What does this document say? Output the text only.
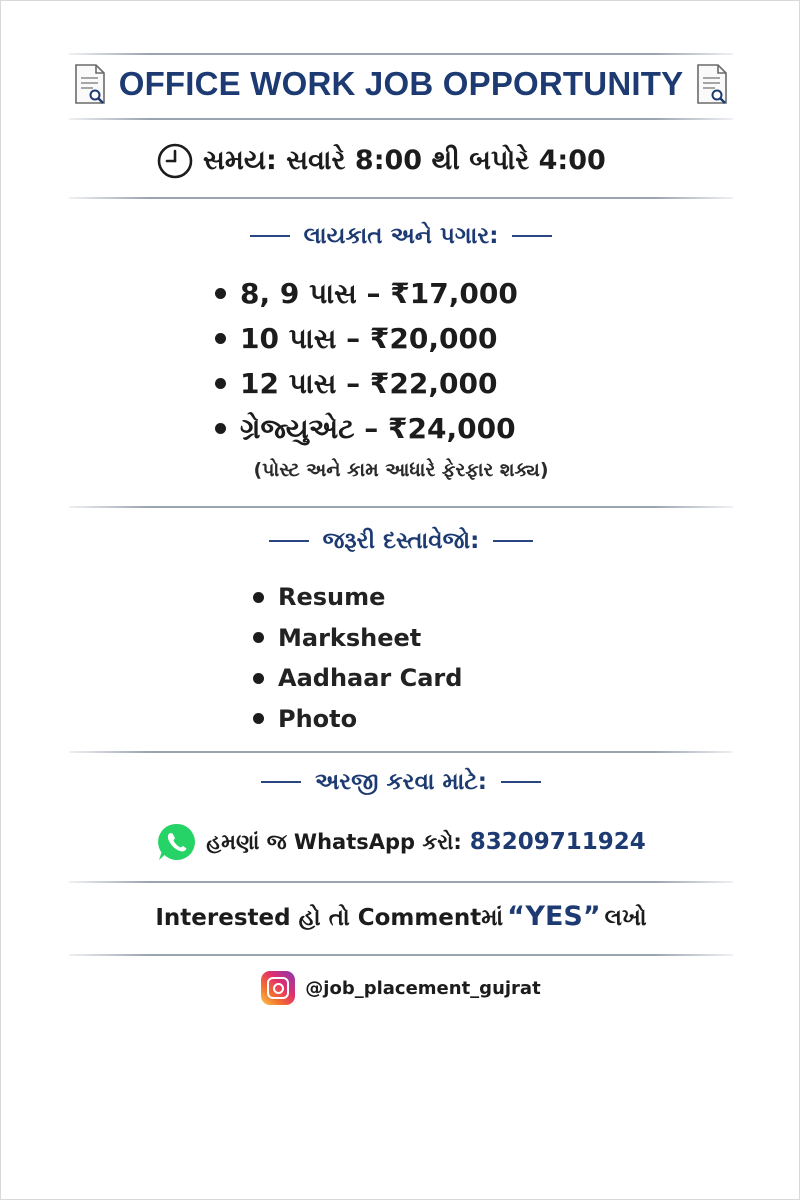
OFFICE WORK JOB OPPORTUNITY
સમય: સવારે 8:00 થી બપોરે 4:00
લાયકાત અને પગાર:
8, 9 પાસ – ₹17,000
10 પાસ – ₹20,000
12 પાસ – ₹22,000
ગ્રેજ્યુએટ – ₹24,000
(પોસ્ટ અને કામ આધારે ફેરફાર શક્ય)
જરૂરી દસ્તાવેજો:
Resume
Marksheet
Aadhaar Card
Photo
અરજી કરવા માટે:
હમણાં જ WhatsApp કરો: 83209711924
Interested હો તો Commentમાં “YES” લખો
@job_placement_gujrat
